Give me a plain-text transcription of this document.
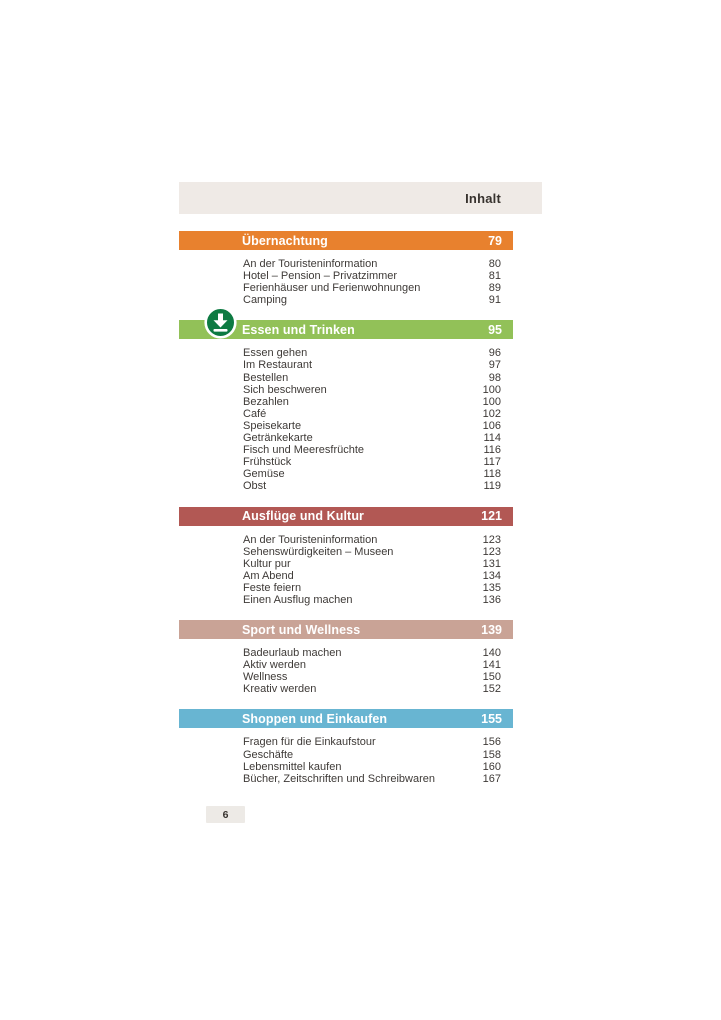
Inhalt
Übernachtung	79
An der Touristeninformation	80
Hotel – Pension – Privatzimmer	81
Ferienhäuser und Ferienwohnungen	89
Camping	91
Essen und Trinken	95
Essen gehen	96
Im Restaurant	97
Bestellen	98
Sich beschweren	100
Bezahlen	100
Café	102
Speisekarte	106
Getränkekarte	114
Fisch und Meeresfrüchte	116
Frühstück	117
Gemüse	118
Obst	119
Ausflüge und Kultur	121
An der Touristeninformation	123
Sehenswürdigkeiten – Museen	123
Kultur pur	131
Am Abend	134
Feste feiern	135
Einen Ausflug machen	136
Sport und Wellness	139
Badeurlaub machen	140
Aktiv werden	141
Wellness	150
Kreativ werden	152
Shoppen und Einkaufen	155
Fragen für die Einkaufstour	156
Geschäfte	158
Lebensmittel kaufen	160
Bücher, Zeitschriften und Schreibwaren	167
6
